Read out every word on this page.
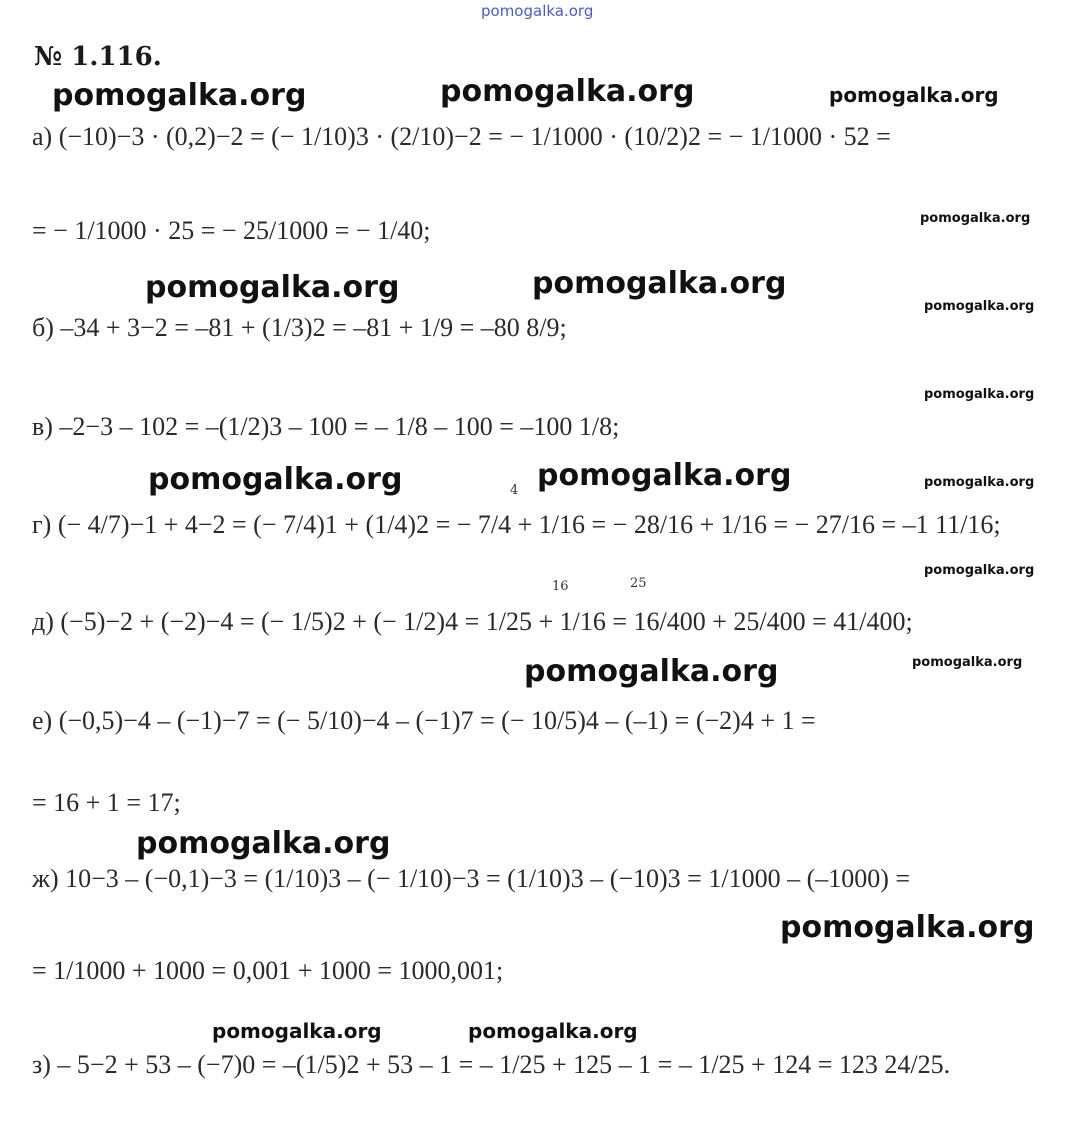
pomogalka.org
pomogalka.org	pomogalka.org	pomogalka.org
pomogalka.org
pomogalka.org	pomogalka.org
pomogalka.org
pomogalka.org
pomogalka.org	pomogalka.org	pomogalka.org
pomogalka.org
pomogalka.org
pomogalka.org
pomogalka.org
pomogalka.org
pomogalka.org	pomogalka.org
№ 1.116.
а) (−10)−3 · (0,2)−2 = (− 1/10)3 · (2/10)−2 = − 1/1000 · (10/2)2 = − 1/1000 · 52 =
= − 1/1000 · 25 = − 25/1000 = − 1/40;
б) –34 + 3−2 = –81 + (1/3)2 = –81 + 1/9 = –80 8/9;
в) –2−3 – 102 = –(1/2)3 – 100 = – 1/8 – 100 = –100 1/8;
г) (− 4/7)−1 + 4−2 = (− 7/4)1 + (1/4)2 = − 7/4 + 1/16 = − 28/16 + 1/16 = − 27/16 = –1 11/16;
д) (−5)−2 + (−2)−4 = (− 1/5)2 + (− 1/2)4 = 1/25 + 1/16 = 16/400 + 25/400 = 41/400;
е) (−0,5)−4 – (−1)−7 = (− 5/10)−4 – (−1)7 = (− 10/5)4 – (–1) = (−2)4 + 1 =
= 16 + 1 = 17;
ж) 10−3 – (−0,1)−3 = (1/10)3 – (− 1/10)−3 = (1/10)3 – (−10)3 = 1/1000 – (–1000) =
= 1/1000 + 1000 = 0,001 + 1000 = 1000,001;
з) – 5−2 + 53 – (−7)0 = –(1/5)2 + 53 – 1 = – 1/25 + 125 – 1 = – 1/25 + 124 = 123 24/25.
4
16	25
